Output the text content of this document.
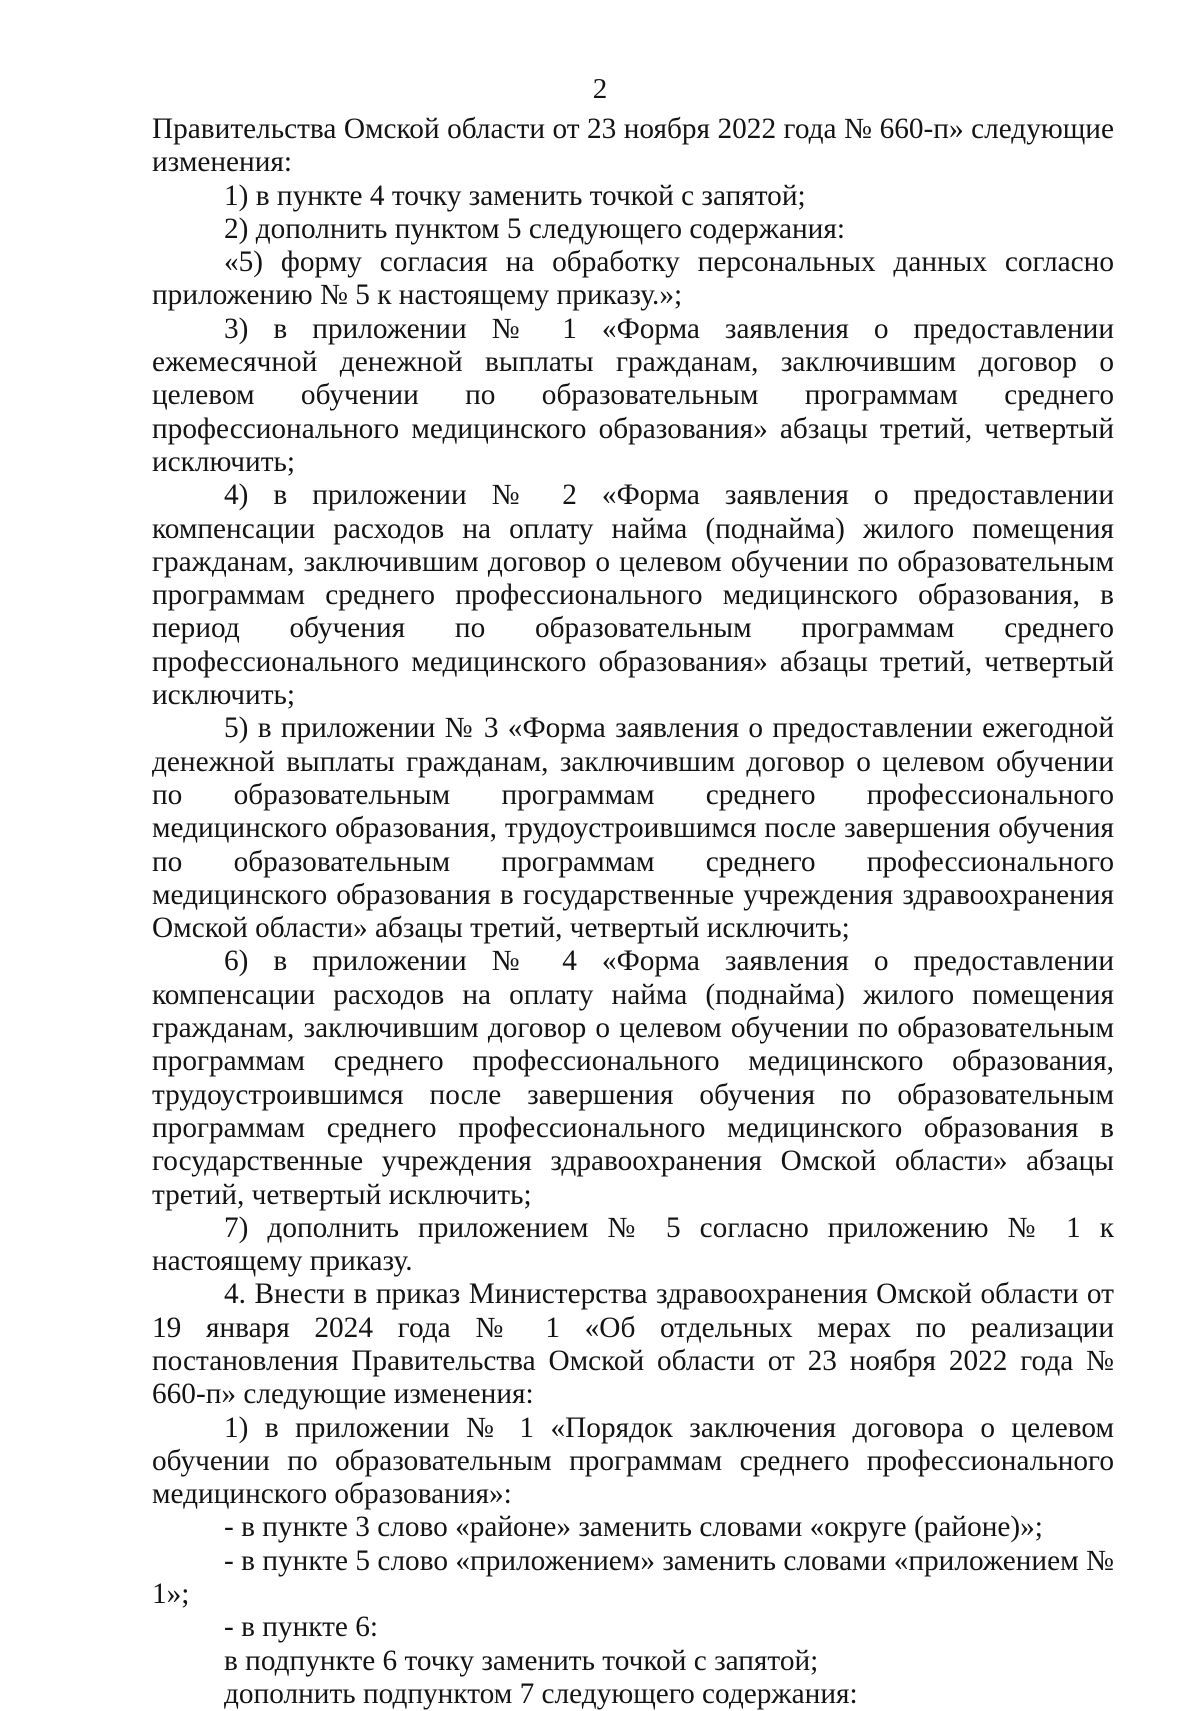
2

Правительства Омской области от 23 ноября 2022 года № 660-п» следующие изменения:

1) в пункте 4 точку заменить точкой с запятой;

2) дополнить пунктом 5 следующего содержания:

«5) форму согласия на обработку персональных данных согласно приложению № 5 к настоящему приказу.»;

3) в приложении № 1 «Форма заявления о предоставлении ежемесячной денежной выплаты гражданам, заключившим договор о целевом обучении по образовательным программам среднего профессионального медицинского образования» абзацы третий, четвертый исключить;

4) в приложении № 2 «Форма заявления о предоставлении компенсации расходов на оплату найма (поднайма) жилого помещения гражданам, заключившим договор о целевом обучении по образовательным программам среднего профессионального медицинского образования, в период обучения по образовательным программам среднего профессионального медицинского образования» абзацы третий, четвертый исключить;

5) в приложении № 3 «Форма заявления о предоставлении ежегодной денежной выплаты гражданам, заключившим договор о целевом обучении по образовательным программам среднего профессионального медицинского образования, трудоустроившимся после завершения обучения по образовательным программам среднего профессионального медицинского образования в государственные учреждения здравоохранения Омской области» абзацы третий, четвертый исключить;

6) в приложении № 4 «Форма заявления о предоставлении компенсации расходов на оплату найма (поднайма) жилого помещения гражданам, заключившим договор о целевом обучении по образовательным программам среднего профессионального медицинского образования, трудоустроившимся после завершения обучения по образовательным программам среднего профессионального медицинского образования в государственные учреждения здравоохранения Омской области» абзацы третий, четвертый исключить;

7) дополнить приложением № 5 согласно приложению № 1 к настоящему приказу.

4. Внести в приказ Министерства здравоохранения Омской области от 19 января 2024 года № 1 «Об отдельных мерах по реализации постановления Правительства Омской области от 23 ноября 2022 года № 660-п» следующие изменения:

1) в приложении № 1 «Порядок заключения договора о целевом обучении по образовательным программам среднего профессионального медицинского образования»:

- в пункте 3 слово «районе» заменить словами «округе (районе)»;

- в пункте 5 слово «приложением» заменить словами «приложением № 1»;

- в пункте 6:

в подпункте 6 точку заменить точкой с запятой;

дополнить подпунктом 7 следующего содержания:
